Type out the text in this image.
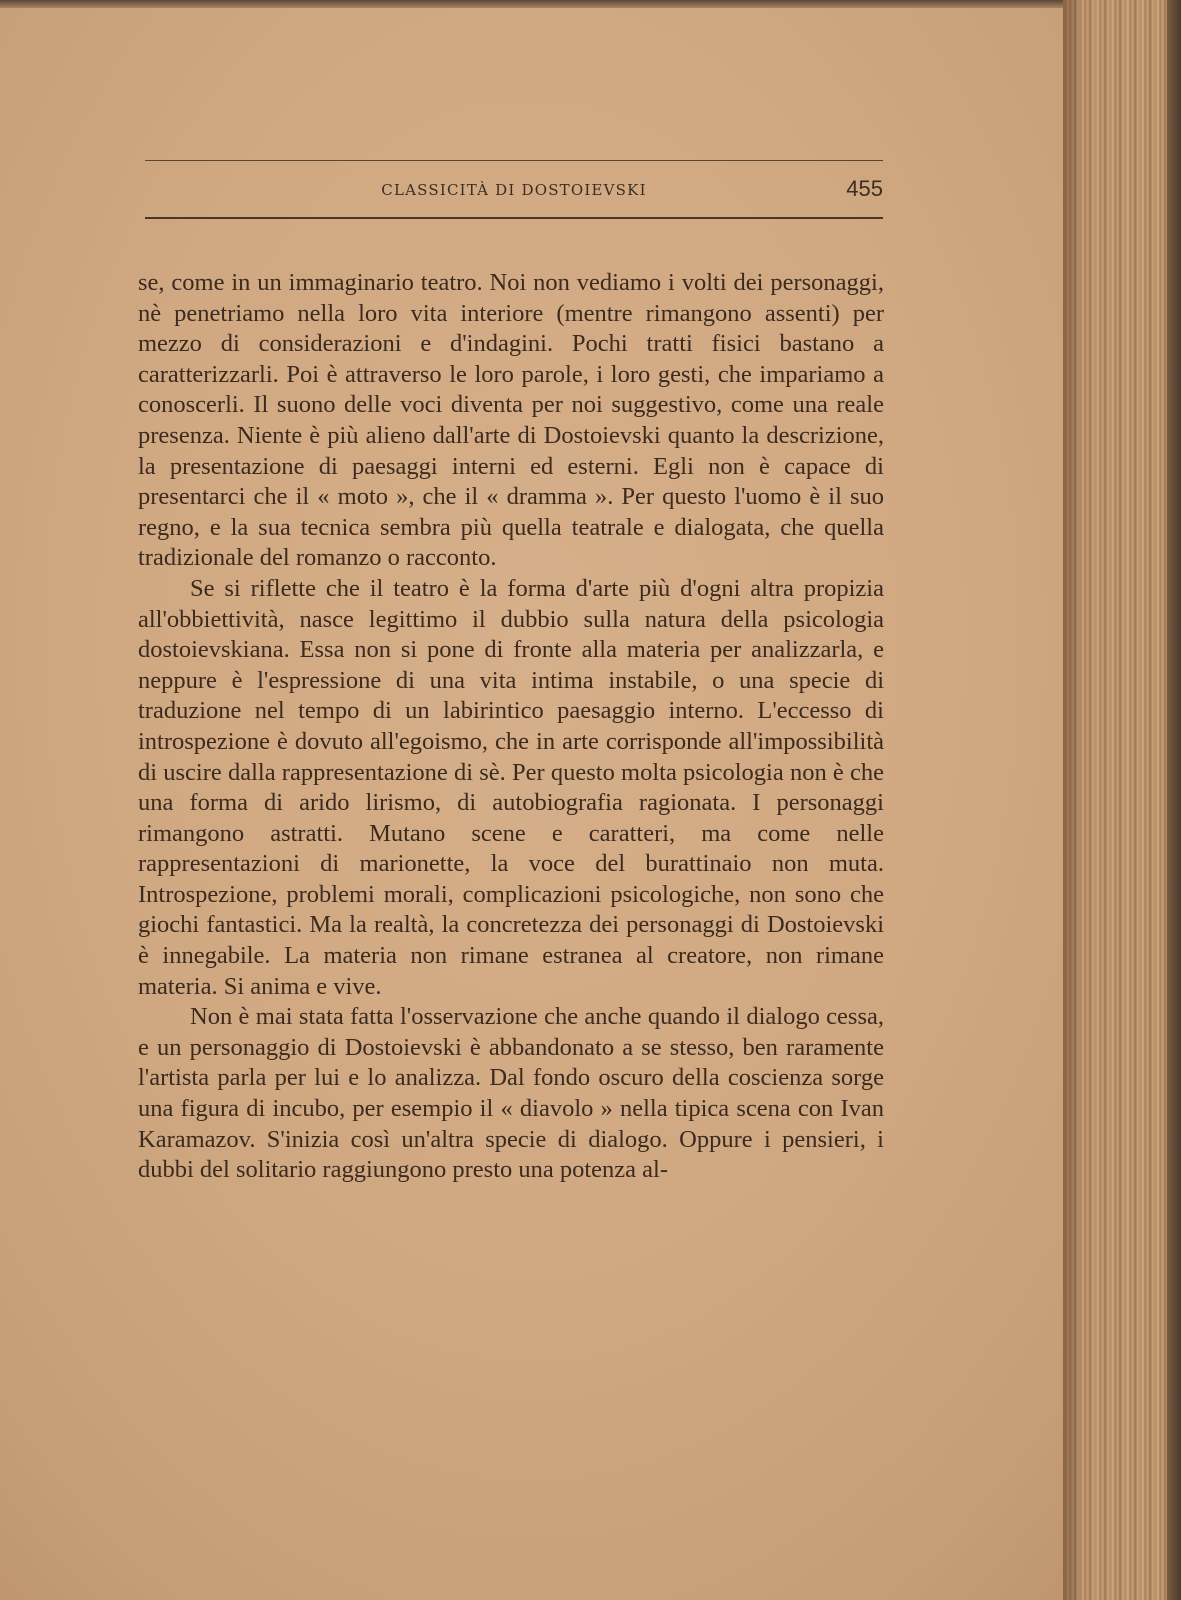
CLASSICITÀ DI DOSTOIEVSKI	455

se, come in un immaginario teatro. Noi non vediamo i volti dei personaggi, nè penetriamo nella loro vita interiore (mentre rimangono assenti) per mezzo di considerazioni e d'indagini. Pochi tratti fisici bastano a caratterizzarli. Poi è attraverso le loro parole, i loro gesti, che impariamo a conoscerli. Il suono delle voci diventa per noi suggestivo, come una reale presenza. Niente è più alieno dall'arte di Dostoievski quanto la descrizione, la presentazione di paesaggi interni ed esterni. Egli non è capace di presentarci che il « moto », che il « dramma ». Per questo l'uomo è il suo regno, e la sua tecnica sembra più quella teatrale e dialogata, che quella tradizionale del romanzo o racconto.

Se si riflette che il teatro è la forma d'arte più d'ogni altra propizia all'obbiettività, nasce legittimo il dubbio sulla natura della psicologia dostoievskiana. Essa non si pone di fronte alla materia per analizzarla, e neppure è l'espressione di una vita intima instabile, o una specie di traduzione nel tempo di un labirintico paesaggio interno. L'eccesso di introspezione è dovuto all'egoismo, che in arte corrisponde all'impossibilità di uscire dalla rappresentazione di sè. Per questo molta psicologia non è che una forma di arido lirismo, di autobiografia ragionata. I personaggi rimangono astratti. Mutano scene e caratteri, ma come nelle rappresentazioni di marionette, la voce del burattinaio non muta. Introspezione, problemi morali, complicazioni psicologiche, non sono che giochi fantastici. Ma la realtà, la concretezza dei personaggi di Dostoievski è innegabile. La materia non rimane estranea al creatore, non rimane materia. Si anima e vive.

Non è mai stata fatta l'osservazione che anche quando il dialogo cessa, e un personaggio di Dostoievski è abbandonato a se stesso, ben raramente l'artista parla per lui e lo analizza. Dal fondo oscuro della coscienza sorge una figura di incubo, per esempio il « diavolo » nella tipica scena con Ivan Karamazov. S'inizia così un'altra specie di dialogo. Oppure i pensieri, i dubbi del solitario raggiungono presto una potenza al-
